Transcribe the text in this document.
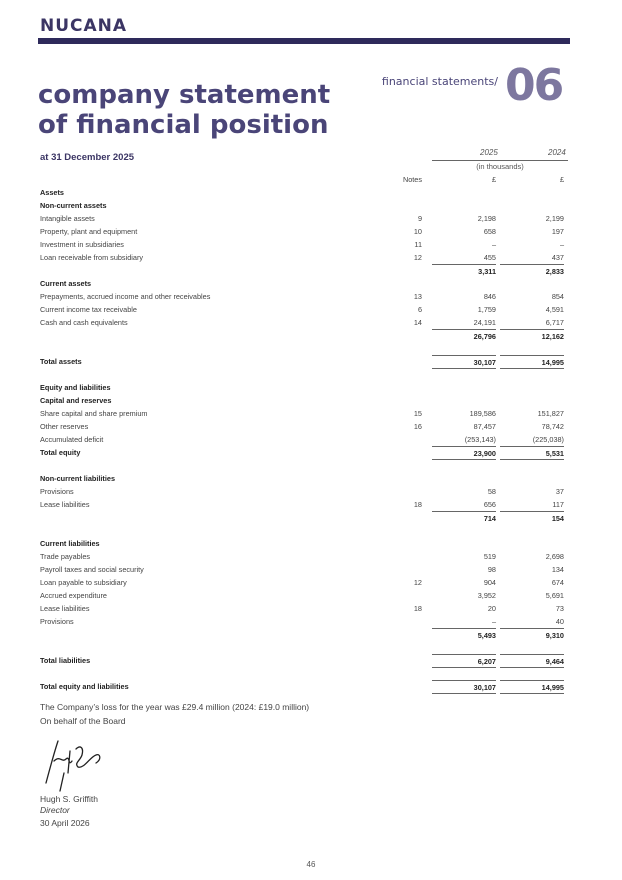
NUCANA
company statement
of financial position
financial statements/ 06
at 31 December 2025	2025	2024
(in thousands)
Notes	£	£
Assets
Non-current assets
Intangible assets	9	2,198	2,199
Property, plant and equipment	10	658	197
Investment in subsidiaries	11	–	–
Loan receivable from subsidiary	12	455	437
3,311	2,833
Current assets
Prepayments, accrued income and other receivables	13	846	854
Current income tax receivable	6	1,759	4,591
Cash and cash equivalents	14	24,191	6,717
26,796	12,162
Total assets	30,107	14,995
Equity and liabilities
Capital and reserves
Share capital and share premium	15	189,586	151,827
Other reserves	16	87,457	78,742
Accumulated deficit	(253,143)	(225,038)
Total equity	23,900	5,531
Non-current liabilities
Provisions	58	37
Lease liabilities	18	656	117
714	154
Current liabilities
Trade payables	519	2,698
Payroll taxes and social security	98	134
Loan payable to subsidiary	12	904	674
Accrued expenditure	3,952	5,691
Lease liabilities	18	20	73
Provisions	–	40
5,493	9,310
Total liabilities	6,207	9,464
Total equity and liabilities	30,107	14,995
The Company’s loss for the year was £29.4 million (2024: £19.0 million)
On behalf of the Board
Hugh S. Griffith
Director
30 April 2026
46
